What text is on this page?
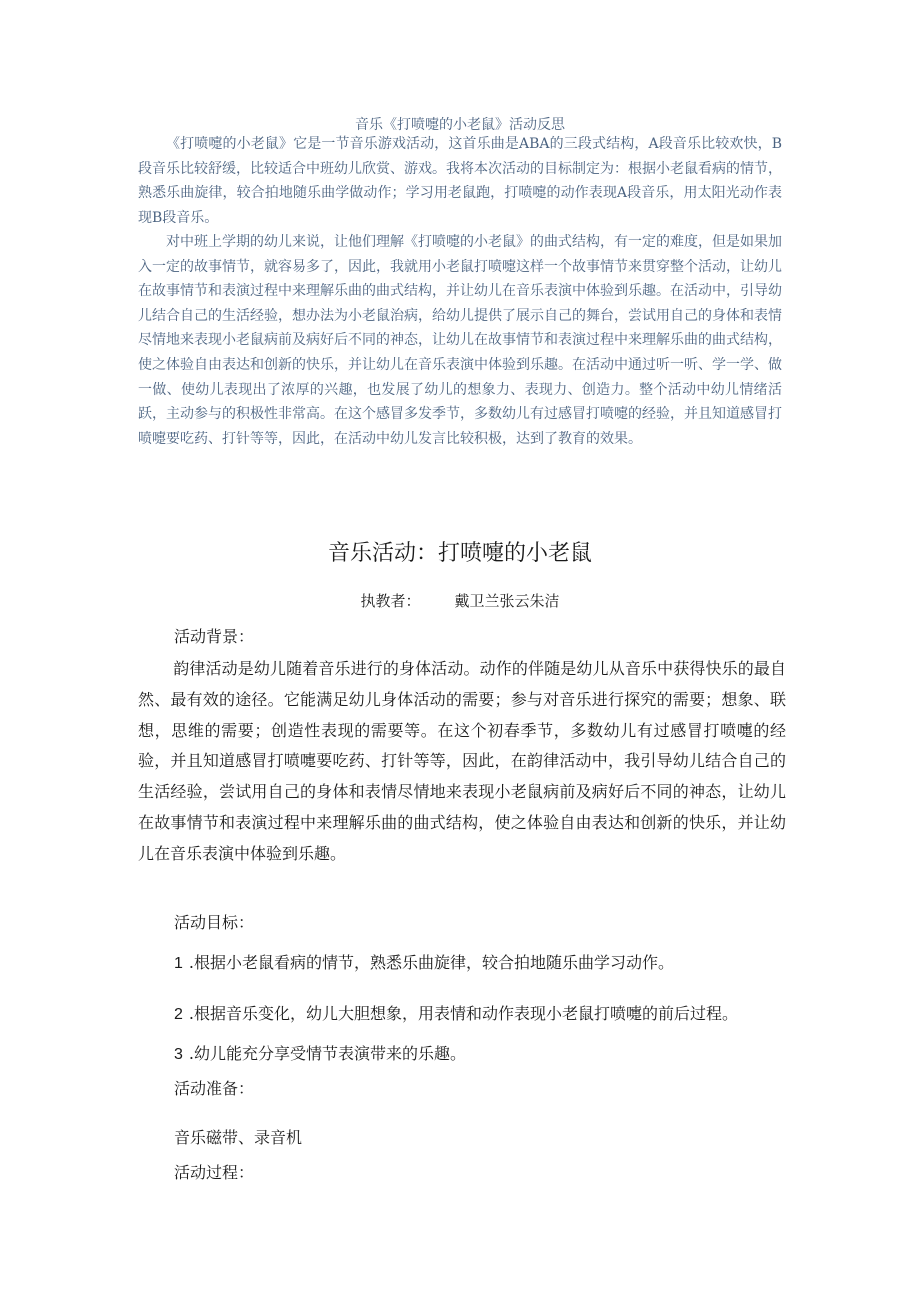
音乐《打喷嚏的小老鼠》活动反思

《打喷嚏的小老鼠》它是一节音乐游戏活动，这首乐曲是ABA的三段式结构，A段音乐比较欢快，B段音乐比较舒缓，比较适合中班幼儿欣赏、游戏。我将本次活动的目标制定为：根据小老鼠看病的情节，熟悉乐曲旋律，较合拍地随乐曲学做动作；学习用老鼠跑，打喷嚏的动作表现A段音乐，用太阳光动作表现B段音乐。

对中班上学期的幼儿来说，让他们理解《打喷嚏的小老鼠》的曲式结构，有一定的难度，但是如果加入一定的故事情节，就容易多了，因此，我就用小老鼠打喷嚏这样一个故事情节来贯穿整个活动，让幼儿在故事情节和表演过程中来理解乐曲的曲式结构，并让幼儿在音乐表演中体验到乐趣。在活动中，引导幼儿结合自己的生活经验，想办法为小老鼠治病，给幼儿提供了展示自己的舞台，尝试用自己的身体和表情尽情地来表现小老鼠病前及病好后不同的神态，让幼儿在故事情节和表演过程中来理解乐曲的曲式结构，使之体验自由表达和创新的快乐，并让幼儿在音乐表演中体验到乐趣。在活动中通过听一听、学一学、做一做、使幼儿表现出了浓厚的兴趣，也发展了幼儿的想象力、表现力、创造力。整个活动中幼儿情绪活跃，主动参与的积极性非常高。在这个感冒多发季节，多数幼儿有过感冒打喷嚏的经验，并且知道感冒打喷嚏要吃药、打针等等，因此，在活动中幼儿发言比较积极，达到了教育的效果。

音乐活动：打喷嚏的小老鼠
执教者： 戴卫兰张云朱洁
活动背景：

韵律活动是幼儿随着音乐进行的身体活动。动作的伴随是幼儿从音乐中获得快乐的最自然、最有效的途径。它能满足幼儿身体活动的需要；参与对音乐进行探究的需要；想象、联想，思维的需要；创造性表现的需要等。在这个初春季节，多数幼儿有过感冒打喷嚏的经验，并且知道感冒打喷嚏要吃药、打针等等，因此，在韵律活动中，我引导幼儿结合自己的生活经验，尝试用自己的身体和表情尽情地来表现小老鼠病前及病好后不同的神态，让幼儿在故事情节和表演过程中来理解乐曲的曲式结构，使之体验自由表达和创新的快乐，并让幼儿在音乐表演中体验到乐趣。

活动目标：
1 .根据小老鼠看病的情节，熟悉乐曲旋律，较合拍地随乐曲学习动作。
2 .根据音乐变化，幼儿大胆想象，用表情和动作表现小老鼠打喷嚏的前后过程。
3 .幼儿能充分享受情节表演带来的乐趣。
活动准备：
音乐磁带、录音机
活动过程：
